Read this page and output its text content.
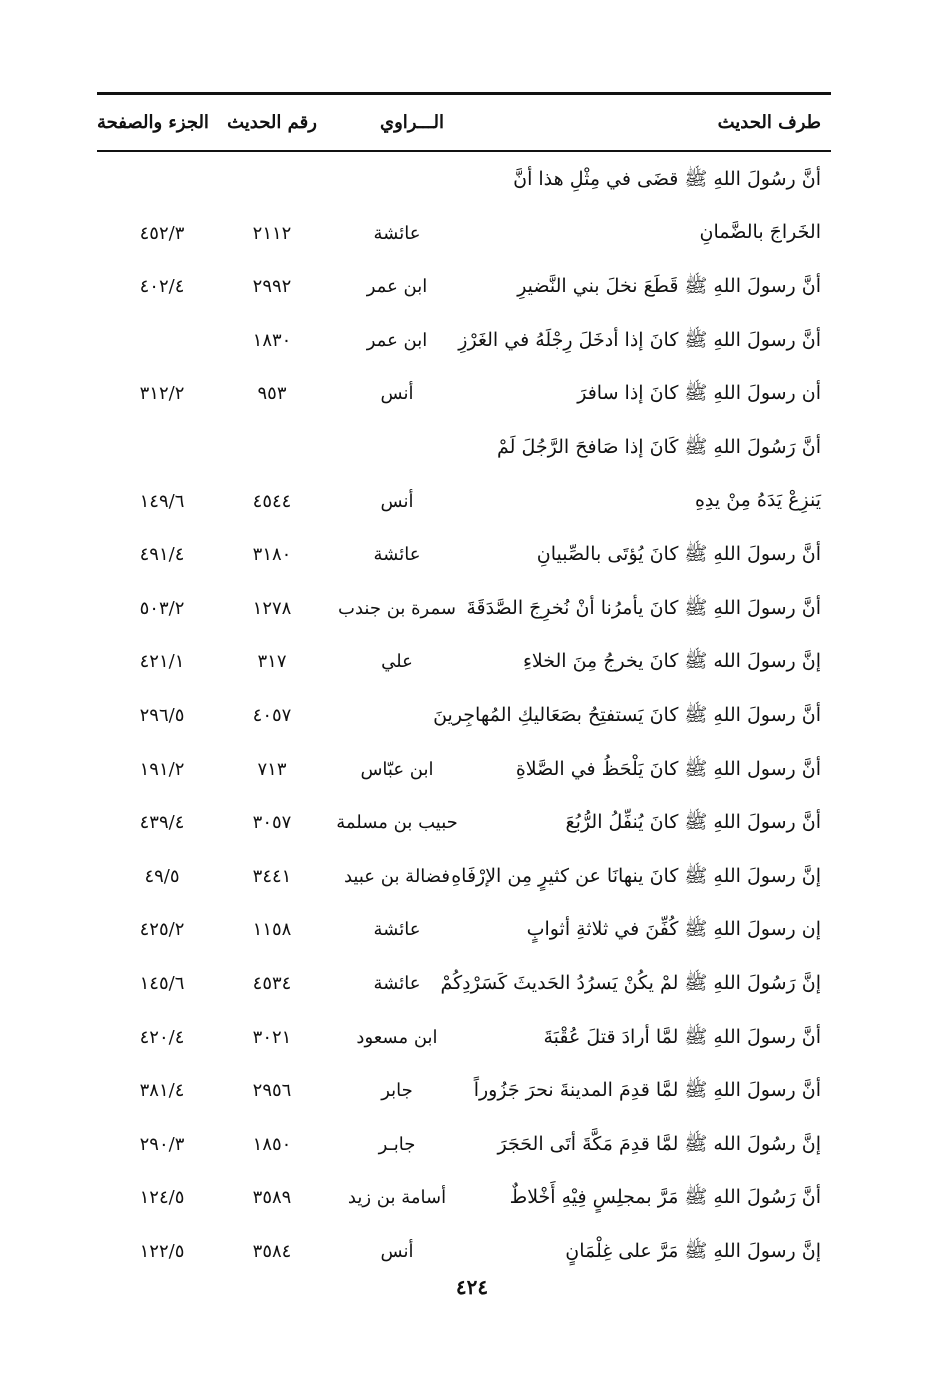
طرف الحديث
الـــراوي
رقم الحديث
الجزء والصفحة
أنَّ رسُولَ اللهِ ﷺ قضَى في مِثْلِ هذا أنَّ
الخَراجَ بالضَّمانِ
عائشة
٢١١٢
٤٥٢/٣
أنَّ رسولَ اللهِ ﷺ قَطَعَ نخلَ بني النَّضيرِ
ابن عمر
٢٩٩٢
٤٠٢/٤
أنَّ رسولَ اللهِ ﷺ كانَ إذا أدخَلَ رِجْلَهُ في الغَرْزِ
ابن عمر
١٨٣٠
أن رسولَ اللهِ ﷺ كانَ إذا سافرَ
أنس
٩٥٣
٣١٢/٢
أنَّ رَسُولَ اللهِ ﷺ كَانَ إذا صَافحَ الرَّجُلَ لَمْ
يَنزِعْ يَدَهُ مِنْ يدِهِ
أنس
٤٥٤٤
١٤٩/٦
أنَّ رسولَ اللهِ ﷺ كانَ يُؤتَى بالصِّبيانِ
عائشة
٣١٨٠
٤٩١/٤
أنَّ رسولَ اللهِ ﷺ كانَ يأمرُنا أنْ نُخرِجَ الصَّدَقَةَ
سمرة بن جندب
١٢٧٨
٥٠٣/٢
إنَّ رسولَ الله ﷺ كانَ يخرجُ مِنَ الخلاءِ
علي
٣١٧
٤٢١/١
أنَّ رسولَ اللهِ ﷺ كانَ يَستفتِحُ بصَعَاليكِ المُهاجِرينَ
٤٠٥٧
٢٩٦/٥
أنَّ رسول اللهِ ﷺ كانَ يَلْحَظُ في الصَّلاةِ
ابن عبّاس
٧١٣
١٩١/٢
أنَّ رسولَ اللهِ ﷺ كانَ يُنفِّلُ الرُّبُعَ
حبيب بن مسلمة
٣٠٥٧
٤٣٩/٤
إنَّ رسولَ اللهِ ﷺ كانَ ينهانَا عن كثيرٍ مِن الإرْفَاهِ
فضالة بن عبيد
٣٤٤١
٤٩/٥
إن رسولَ اللهِ ﷺ كُفِّنَ في ثلاثةِ أثوابٍ
عائشة
١١٥٨
٤٢٥/٢
إنَّ رَسُولَ اللهِ ﷺ لمْ يكُنْ يَسرُدُ الحَديثَ كَسَرْدِكُمْ
عائشة
٤٥٣٤
١٤٥/٦
أنَّ رسولَ اللهِ ﷺ لمَّا أرادَ قتلَ عُقْبَةَ
ابن مسعود
٣٠٢١
٤٢٠/٤
أنَّ رسولَ اللهِ ﷺ لمَّا قدِمَ المدينةَ نحرَ جَزُوراً
جابر
٢٩٥٦
٣٨١/٤
إنَّ رسُولَ الله ﷺ لمَّا قدِمَ مَكَّةَ أتَى الحَجَرَ
جابـر
١٨٥٠
٢٩٠/٣
أنَّ رَسُولَ اللهِ ﷺ مَرَّ بمجلِسٍ فِيْهِ أَخْلاطٌ
أسامة بن زيد
٣٥٨٩
١٢٤/٥
إنَّ رسولَ اللهِ ﷺ مَرَّ على غِلْمَانٍ
أنس
٣٥٨٤
١٢٢/٥
٤٢٤
